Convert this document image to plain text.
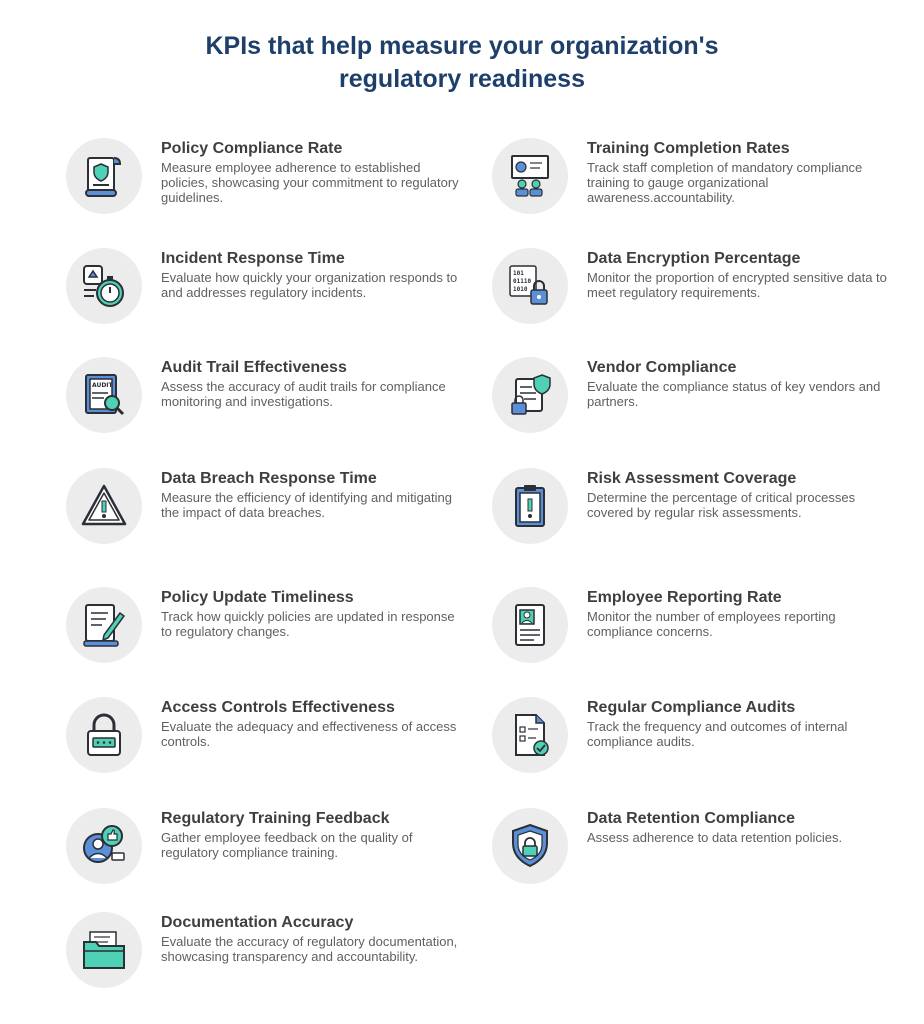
KPIs that help measure your organization's
regulatory readiness
Policy Compliance Rate
Measure employee adherence to established policies, showcasing your commitment to regulatory guidelines.
Incident Response Time
Evaluate how quickly your organization responds to and addresses regulatory incidents.
AUDIT
Audit Trail Effectiveness
Assess the accuracy of audit trails for compliance monitoring and investigations.
Data Breach Response Time
Measure the efficiency of identifying and mitigating the impact of data breaches.
Policy Update Timeliness
Track how quickly policies are updated in response to regulatory changes.
Access Controls Effectiveness
Evaluate the adequacy and effectiveness of access controls.
Regulatory Training Feedback
Gather employee feedback on the quality of regulatory compliance training.
Documentation Accuracy
Evaluate the accuracy of regulatory documentation, showcasing transparency and accountability.
Training Completion Rates
Track staff completion of mandatory compliance training to gauge organizational awareness.accountability.
101
01110
1010
Data Encryption Percentage
Monitor the proportion of encrypted sensitive data to meet regulatory requirements.
Vendor Compliance
Evaluate the compliance status of key vendors and partners.
Risk Assessment Coverage
Determine the percentage of critical processes covered by regular risk assessments.
Employee Reporting Rate
Monitor the number of employees reporting compliance concerns.
Regular Compliance Audits
Track the frequency and outcomes of internal compliance audits.
Data Retention Compliance
Assess adherence to data retention policies.
